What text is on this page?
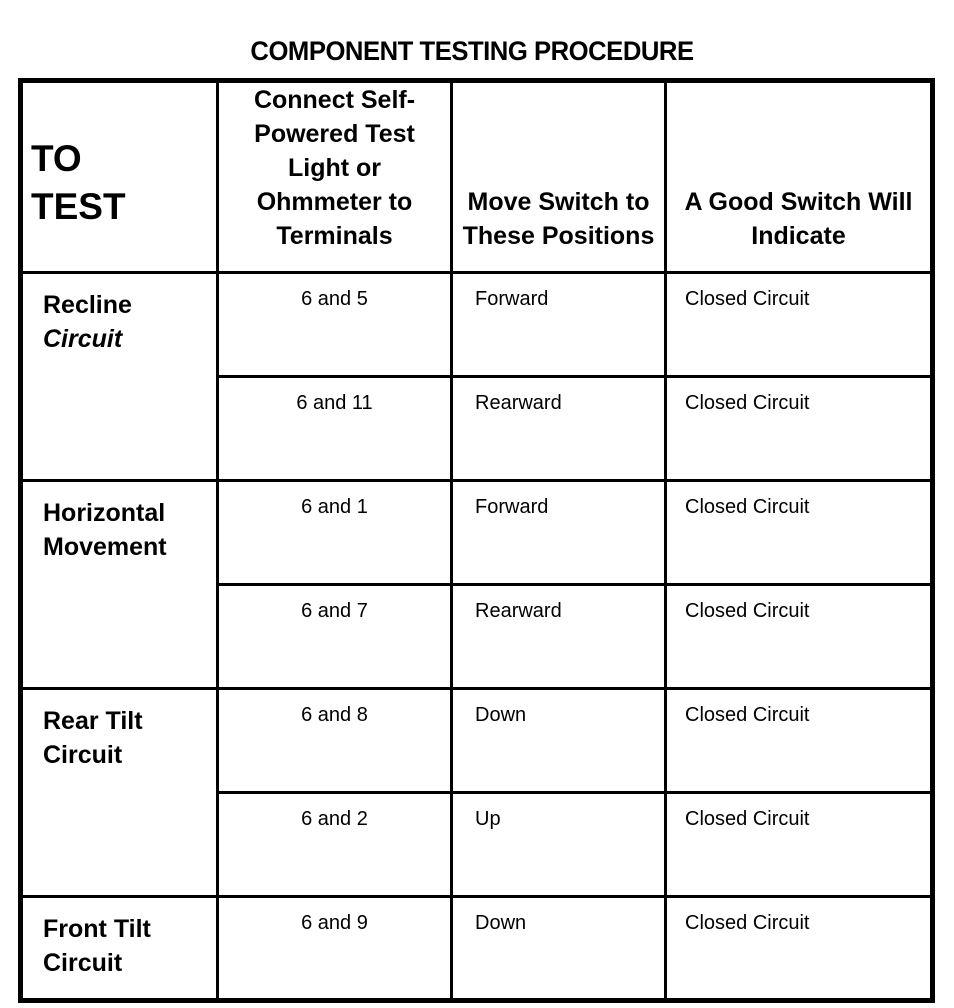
COMPONENT TESTING PROCEDURE
TO
TEST	Connect Self-Powered Test Light or Ohmmeter to Terminals	Move Switch to These Positions	A Good Switch Will Indicate

Recline
Circuit	6 and 5	Forward	Closed Circuit
	6 and 11	Rearward	Closed Circuit
Horizontal
Movement	6 and 1	Forward	Closed Circuit
	6 and 7	Rearward	Closed Circuit
Rear Tilt
Circuit	6 and 8	Down	Closed Circuit
	6 and 2	Up	Closed Circuit
Front Tilt
Circuit	6 and 9	Down	Closed Circuit
